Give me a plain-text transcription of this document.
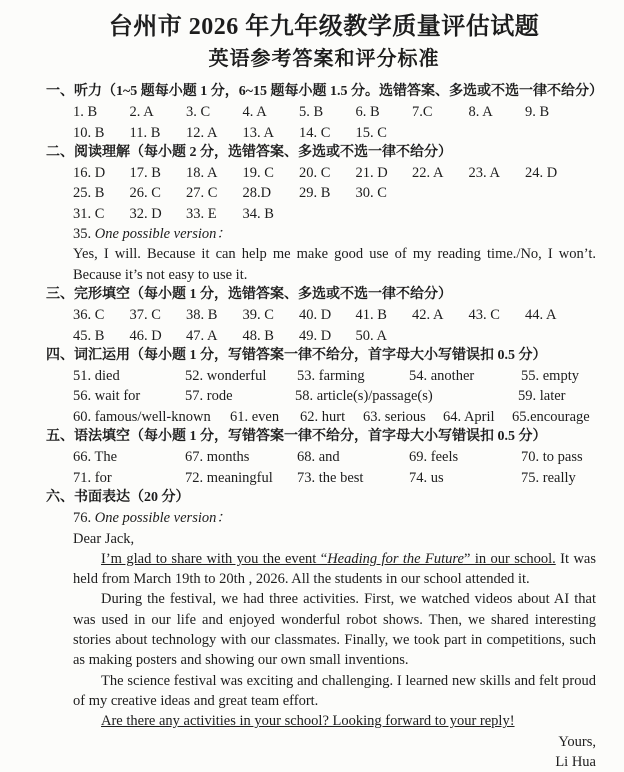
台州市 2026 年九年级教学质量评估试题
英语参考答案和评分标准
一、听力（1~5 题每小题 1 分，6~15 题每小题 1.5 分。选错答案、多选或不选一律不给分）
1. B	2. A	3. C	4. A	5. B	6. B	7.C	8. A	9. B
10. B	11. B	12. A	13. A	14. C	15. C
二、阅读理解（每小题 2 分，选错答案、多选或不选一律不给分）
16. D	17. B	18. A	19. C	20. C	21. D	22. A	23. A	24. D
25. B	26. C	27. C	28.D	29. B	30. C
31. C	32. D	33. E	34. B
35. One possible version：

Yes, I will. Because it can help me make good use of my reading time./No, I won’t. Because it’s not easy to use it.

三、完形填空（每小题 1 分，选错答案、多选或不选一律不给分）
36. C	37. C	38. B	39. C	40. D	41. B	42. A	43. C	44. A
45. B	46. D	47. A	48. B	49. D	50. A
四、词汇运用（每小题 1 分，写错答案一律不给分，首字母大小写错误扣 0.5 分）
51. died	52. wonderful	53. farming	54. another	55. empty
56. wait for	57. rode	58. article(s)/passage(s)	59. later
60. famous/well-known	61. even	62. hurt	63. serious	64. April	65.encourage
五、语法填空（每小题 1 分，写错答案一律不给分，首字母大小写错误扣 0.5 分）
66. The	67. months	68. and	69. feels	70. to pass
71. for	72. meaningful	73. the best	74. us	75. really
六、书面表达（20 分）
76. One possible version：
Dear Jack,

I’m glad to share with you the event “Heading for the Future” in our school. It was held from March 19th to 20th , 2026. All the students in our school attended it.

During the festival, we had three activities. First, we watched videos about AI that was used in our life and enjoyed wonderful robot shows. Then, we shared interesting stories about technology with our classmates. Finally, we took part in competitions, such as making posters and showing our own small inventions.

The science festival was exciting and challenging. I learned new skills and felt proud of my creative ideas and great team effort.

Are there any activities in your school? Looking forward to your reply!

Yours,
Li Hua
